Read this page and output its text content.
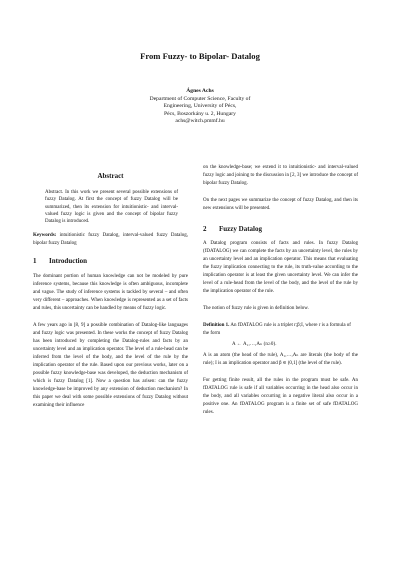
From Fuzzy- to Bipolar- Datalog
Ágnes Achs
Department of Computer Science, Faculty of
Engineering, University of Pécs,
Pécs, Boszorkány u. 2, Hungary
achs@witch.pmmf.hu
Abstract

Abstract. In this work we present several possible extensions of fuzzy Datalog. At first the concept of fuzzy Datalog will be summarized, then its extension for intuitionistic- and interval-valued fuzzy logic is given and the concept of bipolar fuzzy Datalog is introduced.

Keywords: intuitionistic fuzzy Datalog, interval-valued fuzzy Datalog, bipolar fuzzy Datalog

1	Introduction

The dominant portion of human knowledge can not be modeled by pure inference systems, because this knowledge is often ambiguous, incomplete and vague. The study of inference systems is tackled by several – and often very different – approaches. When knowledge is represented as a set of facts and rules, this uncertainty can be handled by means of fuzzy logic.

A few years ago in [8, 9] a possible combination of Datalog-like languages and fuzzy logic was presented. In these works the concept of fuzzy Datalog has been introduced by completing the Datalog-rules and facts by an uncertainty level and an implication operator. The level of a rule-head can be inferred from the level of the body, and the level of the rule by the implication operator of the rule. Based upon our previous works, later on a possible fuzzy knowledge-base was developed, the deduction mechanism of which is fuzzy Datalog [1]. Now a question has arisen: can the fuzzy knowledge-base be improved by any extension of deduction mechanism? In this paper we deal with some possible extensions of fuzzy Datalog without examining their influence

on the knowledge-base; we extend it to intuitionistic- and interval-valued fuzzy logic and joining to the discussion in [2, 3] we introduce the concept of bipolar fuzzy Datalog.

On the next pages we summarize the concept of fuzzy Datalog, and then its new extensions will be presented.

2	Fuzzy Datalog

A Datalog program consists of facts and rules. In fuzzy Datalog (fDATALOG) we can complete the facts by an uncertainty level, the rules by an uncertainty level and an implication operator. This means that evaluating the fuzzy implication connecting to the rule, its truth-value according to the implication operator is at least the given uncertainty level. We can infer the level of a rule-head from the level of the body, and the level of the rule by the implication operator of the rule.

The notion of fuzzy rule is given in definition below.

Definition 1. An fDATALOG rule is a triplet r;β;I, where r is a formula of the form

A ← A₁,…,Aₙ (n≥0).

A is an atom (the head of the rule), A₁,…,Aₙ are literals (the body of the rule); I is an implication operator and β ∈ (0,1] (the level of the rule).

For getting finite result, all the rules in the program must be safe. An fDATALOG rule is safe if all variables occurring in the head also occur in the body, and all variables occurring in a negative literal also occur in a positive one. An fDATALOG program is a finite set of safe fDATALOG rules.
